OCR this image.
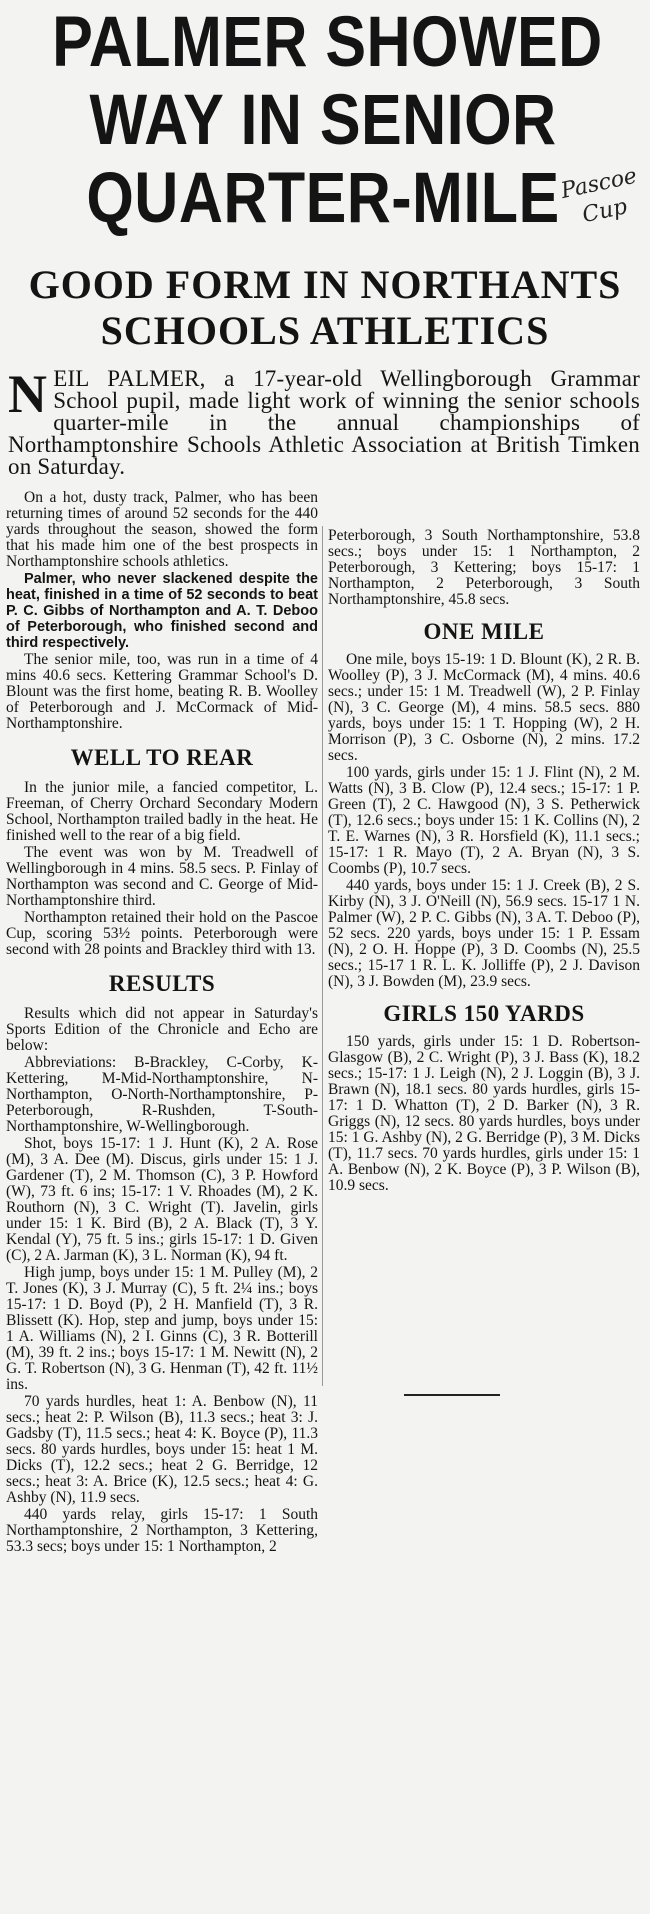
PALMER SHOWED
WAY IN SENIOR
QUARTER-MILE Pascoe
Cup
GOOD FORM IN NORTHANTS
SCHOOLS ATHLETICS
NEIL PALMER, a 17-year-old Wellingborough Grammar School pupil, made light work of winning the senior schools quarter-mile in the annual championships of Northamptonshire Schools Athletic Association at British Timken on Saturday.

On a hot, dusty track, Palmer, who has been returning times of around 52 seconds for the 440 yards throughout the season, showed the form that his made him one of the best prospects in Northamptonshire schools athletics.

Palmer, who never slackened despite the heat, finished in a time of 52 seconds to beat P. C. Gibbs of Northampton and A. T. Deboo of Peterborough, who finished second and third respectively.

The senior mile, too, was run in a time of 4 mins 40.6 secs. Kettering Grammar School's D. Blount was the first home, beating R. B. Woolley of Peterborough and J. McCormack of Mid-Northamptonshire.

WELL TO REAR

In the junior mile, a fancied competitor, L. Freeman, of Cherry Orchard Secondary Modern School, Northampton trailed badly in the heat. He finished well to the rear of a big field.

The event was won by M. Treadwell of Wellingborough in 4 mins. 58.5 secs. P. Finlay of Northampton was second and C. George of Mid-Northamptonshire third.

Northampton retained their hold on the Pascoe Cup, scoring 53½ points. Peterborough were second with 28 points and Brackley third with 13.

RESULTS

Results which did not appear in Saturday's Sports Edition of the Chronicle and Echo are below:

Abbreviations: B-Brackley, C-Corby, K-Kettering, M-Mid-Northamptonshire, N-Northampton, O-North-Northamptonshire, P-Peterborough, R-Rushden, T-South-Northamptonshire, W-Wellingborough.

Shot, boys 15-17: 1 J. Hunt (K), 2 A. Rose (M), 3 A. Dee (M). Discus, girls under 15: 1 J. Gardener (T), 2 M. Thomson (C), 3 P. Howford (W), 73 ft. 6 ins; 15-17: 1 V. Rhoades (M), 2 K. Routhorn (N), 3 C. Wright (T). Javelin, girls under 15: 1 K. Bird (B), 2 A. Black (T), 3 Y. Kendal (Y), 75 ft. 5 ins.; girls 15-17: 1 D. Given (C), 2 A. Jarman (K), 3 L. Norman (K), 94 ft.

High jump, boys under 15: 1 M. Pulley (M), 2 T. Jones (K), 3 J. Murray (C), 5 ft. 2¼ ins.; boys 15-17: 1 D. Boyd (P), 2 H. Manfield (T), 3 R. Blissett (K). Hop, step and jump, boys under 15: 1 A. Williams (N), 2 I. Ginns (C), 3 R. Botterill (M), 39 ft. 2 ins.; boys 15-17: 1 M. Newitt (N), 2 G. T. Robertson (N), 3 G. Henman (T), 42 ft. 11½ ins.

70 yards hurdles, heat 1: A. Benbow (N), 11 secs.; heat 2: P. Wilson (B), 11.3 secs.; heat 3: J. Gadsby (T), 11.5 secs.; heat 4: K. Boyce (P), 11.3 secs. 80 yards hurdles, boys under 15: heat 1 M. Dicks (T), 12.2 secs.; heat 2 G. Berridge, 12 secs.; heat 3: A. Brice (K), 12.5 secs.; heat 4: G. Ashby (N), 11.9 secs.

440 yards relay, girls 15-17: 1 South Northamptonshire, 2 Northampton, 3 Kettering, 53.3 secs; boys under 15: 1 Northampton, 2

Peterborough, 3 South Northamptonshire, 53.8 secs.; boys under 15: 1 Northampton, 2 Peterborough, 3 Kettering; boys 15-17: 1 Northampton, 2 Peterborough, 3 South Northamptonshire, 45.8 secs.

ONE MILE

One mile, boys 15-19: 1 D. Blount (K), 2 R. B. Woolley (P), 3 J. McCormack (M), 4 mins. 40.6 secs.; under 15: 1 M. Treadwell (W), 2 P. Finlay (N), 3 C. George (M), 4 mins. 58.5 secs. 880 yards, boys under 15: 1 T. Hopping (W), 2 H. Morrison (P), 3 C. Osborne (N), 2 mins. 17.2 secs.

100 yards, girls under 15: 1 J. Flint (N), 2 M. Watts (N), 3 B. Clow (P), 12.4 secs.; 15-17: 1 P. Green (T), 2 C. Hawgood (N), 3 S. Petherwick (T), 12.6 secs.; boys under 15: 1 K. Collins (N), 2 T. E. Warnes (N), 3 R. Horsfield (K), 11.1 secs.; 15-17: 1 R. Mayo (T), 2 A. Bryan (N), 3 S. Coombs (P), 10.7 secs.

440 yards, boys under 15: 1 J. Creek (B), 2 S. Kirby (N), 3 J. O'Neill (N), 56.9 secs. 15-17 1 N. Palmer (W), 2 P. C. Gibbs (N), 3 A. T. Deboo (P), 52 secs. 220 yards, boys under 15: 1 P. Essam (N), 2 O. H. Hoppe (P), 3 D. Coombs (N), 25.5 secs.; 15-17 1 R. L. K. Jolliffe (P), 2 J. Davison (N), 3 J. Bowden (M), 23.9 secs.

GIRLS 150 YARDS

150 yards, girls under 15: 1 D. Robertson-Glasgow (B), 2 C. Wright (P), 3 J. Bass (K), 18.2 secs.; 15-17: 1 J. Leigh (N), 2 J. Loggin (B), 3 J. Brawn (N), 18.1 secs. 80 yards hurdles, girls 15-17: 1 D. Whatton (T), 2 D. Barker (N), 3 R. Griggs (N), 12 secs. 80 yards hurdles, boys under 15: 1 G. Ashby (N), 2 G. Berridge (P), 3 M. Dicks (T), 11.7 secs. 70 yards hurdles, girls under 15: 1 A. Benbow (N), 2 K. Boyce (P), 3 P. Wilson (B), 10.9 secs.
